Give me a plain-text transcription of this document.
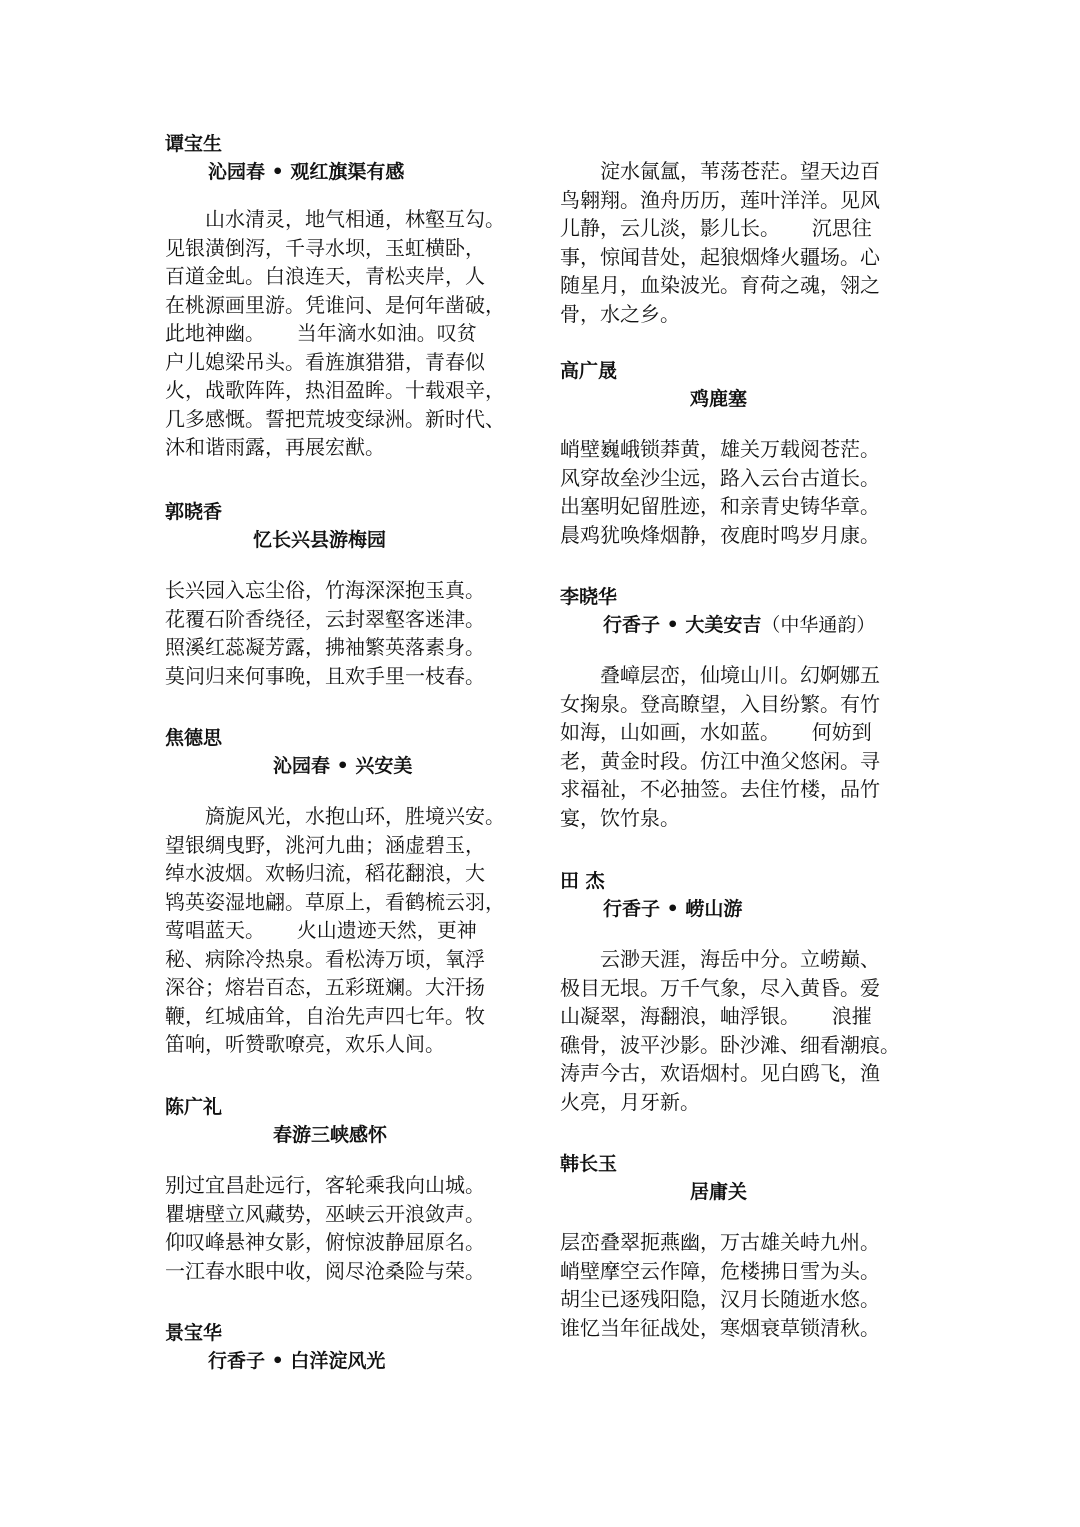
谭宝生
沁园春 • 观红旗渠有感
山水清灵，地气相通，林壑互勾。
见银潢倒泻，千寻水坝，玉虹横卧，
百道金虬。白浪连天，青松夹岸，人
在桃源画里游。凭谁问、是何年凿破，
此地神幽。     当年滴水如油。叹贫
户儿媳梁吊头。看旌旗猎猎，青春似
火，战歌阵阵，热泪盈眸。十载艰辛，
几多感慨。誓把荒坡变绿洲。新时代、
沐和谐雨露，再展宏猷。
郭晓香
忆长兴县游梅园
长兴园入忘尘俗，竹海深深抱玉真。
花覆石阶香绕径，云封翠壑客迷津。
照溪红蕊凝芳露，拂袖繁英落素身。
莫问归来何事晚，且欢手里一枝春。
焦德思
沁园春 • 兴安美
旖旎风光，水抱山环，胜境兴安。
望银绸曳野，洮河九曲；涵虚碧玉，
绰水波烟。欢畅归流，稻花翻浪，大
鸨英姿湿地翩。草原上，看鹤梳云羽，
莺唱蓝天。     火山遗迹天然，更神
秘、病除冷热泉。看松涛万顷，氧浮
深谷；熔岩百态，五彩斑斓。大汗扬
鞭，红城庙耸，自治先声四七年。牧
笛响，听赞歌嘹亮，欢乐人间。
陈广礼
春游三峡感怀
别过宜昌赴远行，客轮乘我向山城。
瞿塘壁立风藏势，巫峡云开浪敛声。
仰叹峰悬神女影，俯惊波静屈原名。
一江春水眼中收，阅尽沧桑险与荣。
景宝华
行香子 • 白洋淀风光
淀水氤氲，苇荡苍茫。望天边百
鸟翱翔。渔舟历历，莲叶洋洋。见风
儿静，云儿淡，影儿长。     沉思往
事，惊闻昔处，起狼烟烽火疆场。心
随星月，血染波光。育荷之魂，翎之
骨，水之乡。
高广晟
鸡鹿塞
峭壁巍峨锁莽黄，雄关万载阅苍茫。
风穿故垒沙尘远，路入云台古道长。
出塞明妃留胜迹，和亲青史铸华章。
晨鸡犹唤烽烟静，夜鹿时鸣岁月康。
李晓华
行香子 • 大美安吉（中华通韵）
叠嶂层峦，仙境山川。幻婀娜五
女掬泉。登高瞭望，入目纷繁。有竹
如海，山如画，水如蓝。     何妨到
老，黄金时段。仿江中渔父悠闲。寻
求福祉，不必抽签。去住竹楼，品竹
宴，饮竹泉。
田 杰
行香子 • 崂山游
云渺天涯，海岳中分。立崂巅、
极目无垠。万千气象，尽入黄昏。爱
山凝翠，海翻浪，岫浮银。     浪摧
礁骨，波平沙影。卧沙滩、细看潮痕。
涛声今古，欢语烟村。见白鸥飞，渔
火亮，月牙新。
韩长玉
居庸关
层峦叠翠扼燕幽，万古雄关峙九州。
峭壁摩空云作障，危楼拂日雪为头。
胡尘已逐残阳隐，汉月长随逝水悠。
谁忆当年征战处，寒烟衰草锁清秋。
